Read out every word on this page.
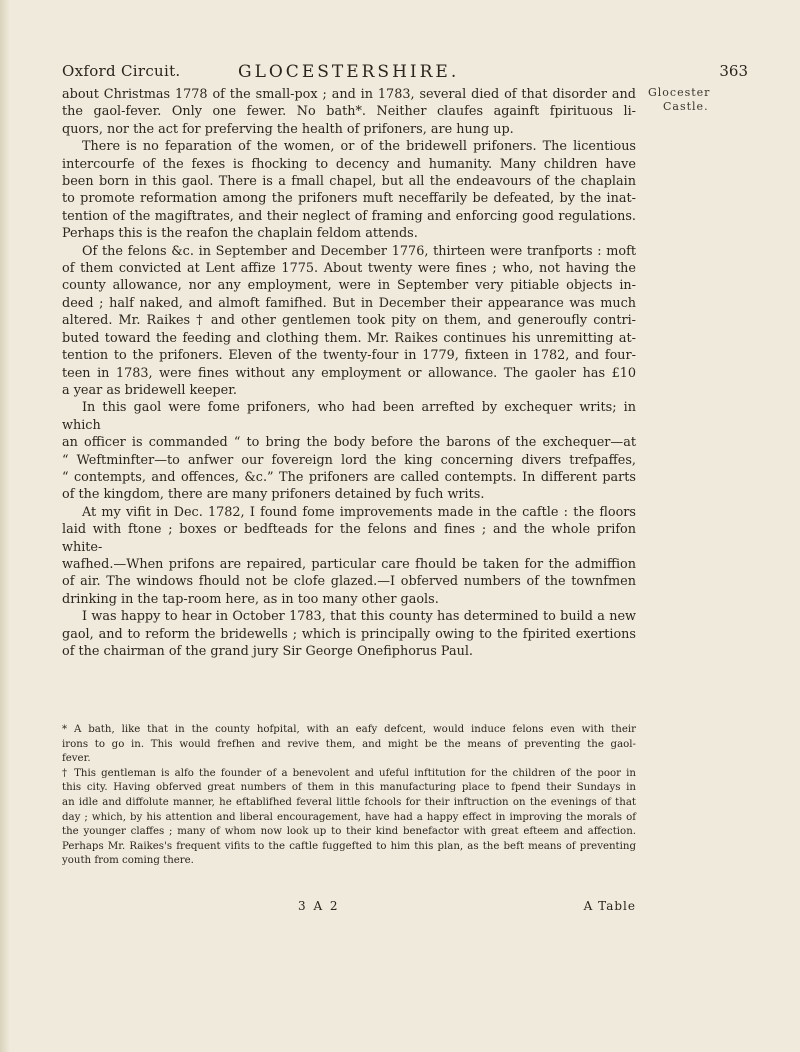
Oxford Circuit.	GLOCESTERSHIRE.	363
Glocester
Castle.

about Christmas 1778 of the small-pox ; and in 1783, several died of that disorder and
the gaol-fever. Only one fewer. No bath*. Neither claufes againft fpirituous li-
quors, nor the act for preferving the health of prifoners, are hung up.

There is no feparation of the women, or of the bridewell prifoners. The licentious
intercourfe of the fexes is fhocking to decency and humanity. Many children have
been born in this gaol. There is a fmall chapel, but all the endeavours of the chaplain
to promote reformation among the prifoners muft neceffarily be defeated, by the inat-
tention of the magiftrates, and their neglect of framing and enforcing good regulations.
Perhaps this is the reafon the chaplain feldom attends.

Of the felons &c. in September and December 1776, thirteen were tranfports : moft
of them convicted at Lent affize 1775. About twenty were fines ; who, not having the
county allowance, nor any employment, were in September very pitiable objects in-
deed ; half naked, and almoft famifhed. But in December their appearance was much
altered. Mr. Raikes † and other gentlemen took pity on them, and generoufly contri-
buted toward the feeding and clothing them. Mr. Raikes continues his unremitting at-
tention to the prifoners. Eleven of the twenty-four in 1779, fixteen in 1782, and four-
teen in 1783, were fines without any employment or allowance. The gaoler has £10
a year as bridewell keeper.

In this gaol were fome prifoners, who had been arrefted by exchequer writs; in which
an officer is commanded “ to bring the body before the barons of the exchequer—at
“ Weftminfter—to anfwer our fovereign lord the king concerning divers trefpaffes,
“ contempts, and offences, &c.” The prifoners are called contempts. In different parts
of the kingdom, there are many prifoners detained by fuch writs.

At my vifit in Dec. 1782, I found fome improvements made in the caftle : the floors
laid with ftone ; boxes or bedfteads for the felons and fines ; and the whole prifon white-
wafhed.—When prifons are repaired, particular care fhould be taken for the admiffion
of air. The windows fhould not be clofe glazed.—I obferved numbers of the townfmen
drinking in the tap-room here, as in too many other gaols.

I was happy to hear in October 1783, that this county has determined to build a new
gaol, and to reform the bridewells ; which is principally owing to the fpirited exertions
of the chairman of the grand jury Sir George Onefiphorus Paul.

* A bath, like that in the county hofpital, with an eafy defcent, would induce felons even with their
irons to go in. This would frefhen and revive them, and might be the means of preventing the gaol-
fever.

† This gentleman is alfo the founder of a benevolent and ufeful inftitution for the children of the poor in
this city. Having obferved great numbers of them in this manufacturing place to fpend their Sundays in
an idle and diffolute manner, he eftablifhed feveral little fchools for their inftruction on the evenings of that
day ; which, by his attention and liberal encouragement, have had a happy effect in improving the morals of
the younger claffes ; many of whom now look up to their kind benefactor with great efteem and affection.
Perhaps Mr. Raikes's frequent vifits to the caftle fuggefted to him this plan, as the beft means of preventing
youth from coming there.

3 A 2	A Table
